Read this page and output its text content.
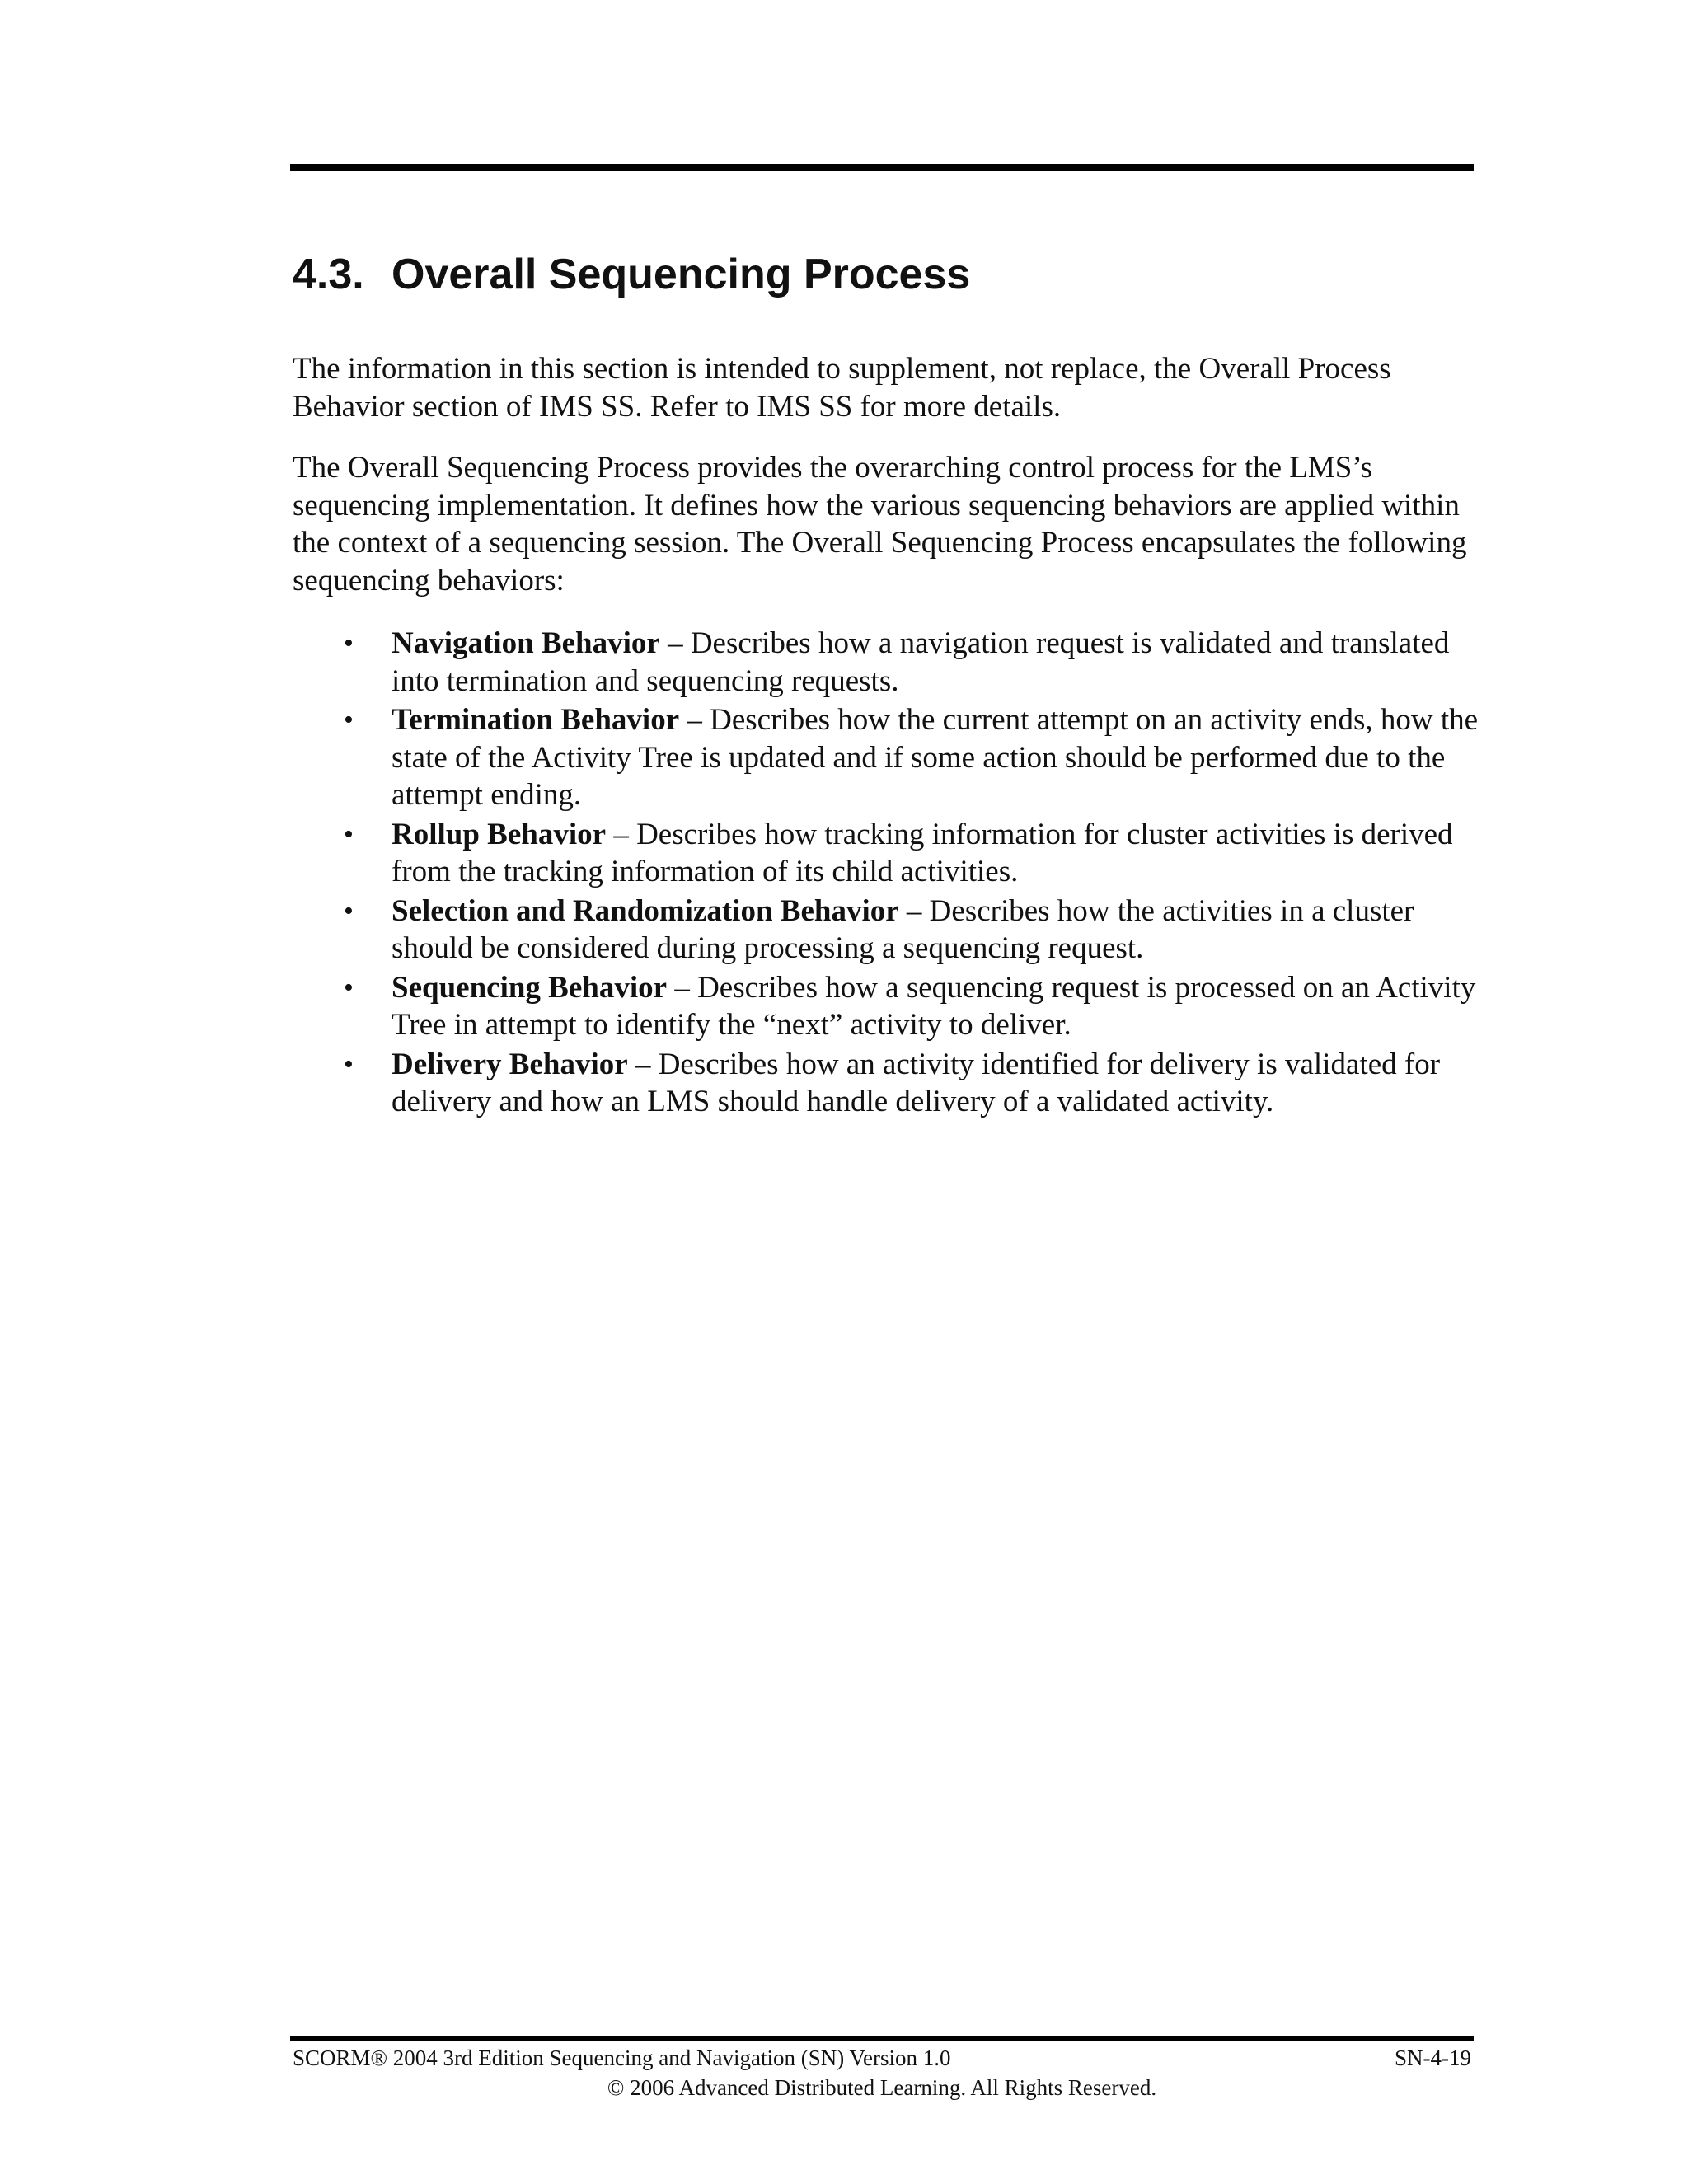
4.3. Overall Sequencing Process

The information in this section is intended to supplement, not replace, the Overall Process Behavior section of IMS SS. Refer to IMS SS for more details.

The Overall Sequencing Process provides the overarching control process for the LMS’s sequencing implementation. It defines how the various sequencing behaviors are applied within the context of a sequencing session. The Overall Sequencing Process encapsulates the following sequencing behaviors:

• Navigation Behavior – Describes how a navigation request is validated and translated into termination and sequencing requests.
• Termination Behavior – Describes how the current attempt on an activity ends, how the state of the Activity Tree is updated and if some action should be performed due to the attempt ending.
• Rollup Behavior – Describes how tracking information for cluster activities is derived from the tracking information of its child activities.
• Selection and Randomization Behavior – Describes how the activities in a cluster should be considered during processing a sequencing request.
• Sequencing Behavior – Describes how a sequencing request is processed on an Activity Tree in attempt to identify the “next” activity to deliver.
• Delivery Behavior – Describes how an activity identified for delivery is validated for delivery and how an LMS should handle delivery of a validated activity.
SCORM® 2004 3rd Edition Sequencing and Navigation (SN) Version 1.0	SN-4-19
© 2006 Advanced Distributed Learning. All Rights Reserved.
